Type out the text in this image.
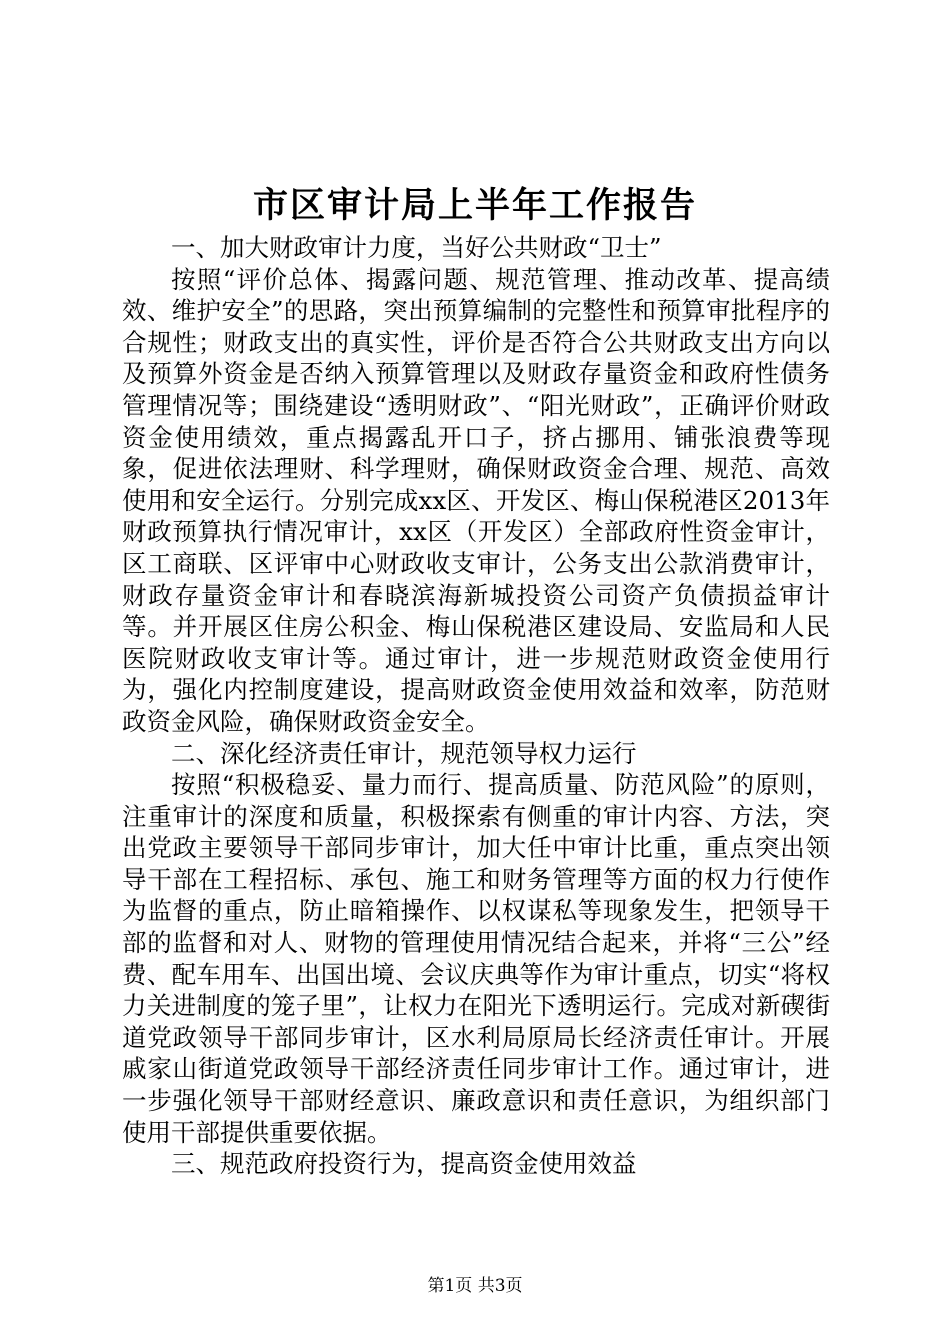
市区审计局上半年工作报告

一、加大财政审计力度，当好公共财政“卫士”

按照“评价总体、揭露问题、规范管理、推动改革、提高绩效、维护安全”的思路，突出预算编制的完整性和预算审批程序的合规性；财政支出的真实性，评价是否符合公共财政支出方向以及预算外资金是否纳入预算管理以及财政存量资金和政府性债务管理情况等；围绕建设“透明财政”、“阳光财政”，正确评价财政资金使用绩效，重点揭露乱开口子，挤占挪用、铺张浪费等现象，促进依法理财、科学理财，确保财政资金合理、规范、高效使用和安全运行。分别完成xx区、开发区、梅山保税港区2013年财政预算执行情况审计，xx区（开发区）全部政府性资金审计，区工商联、区评审中心财政收支审计，公务支出公款消费审计，财政存量资金审计和春晓滨海新城投资公司资产负债损益审计等。并开展区住房公积金、梅山保税港区建设局、安监局和人民医院财政收支审计等。通过审计，进一步规范财政资金使用行为，强化内控制度建设，提高财政资金使用效益和效率，防范财政资金风险，确保财政资金安全。

二、深化经济责任审计，规范领导权力运行

按照“积极稳妥、量力而行、提高质量、防范风险”的原则，注重审计的深度和质量，积极探索有侧重的审计内容、方法，突出党政主要领导干部同步审计，加大任中审计比重，重点突出领导干部在工程招标、承包、施工和财务管理等方面的权力行使作为监督的重点，防止暗箱操作、以权谋私等现象发生，把领导干部的监督和对人、财物的管理使用情况结合起来，并将“三公”经费、配车用车、出国出境、会议庆典等作为审计重点，切实“将权力关进制度的笼子里”，让权力在阳光下透明运行。完成对新碶街道党政领导干部同步审计，区水利局原局长经济责任审计。开展戚家山街道党政领导干部经济责任同步审计工作。通过审计，进一步强化领导干部财经意识、廉政意识和责任意识，为组织部门使用干部提供重要依据。

三、规范政府投资行为，提高资金使用效益

第1页 共3页
